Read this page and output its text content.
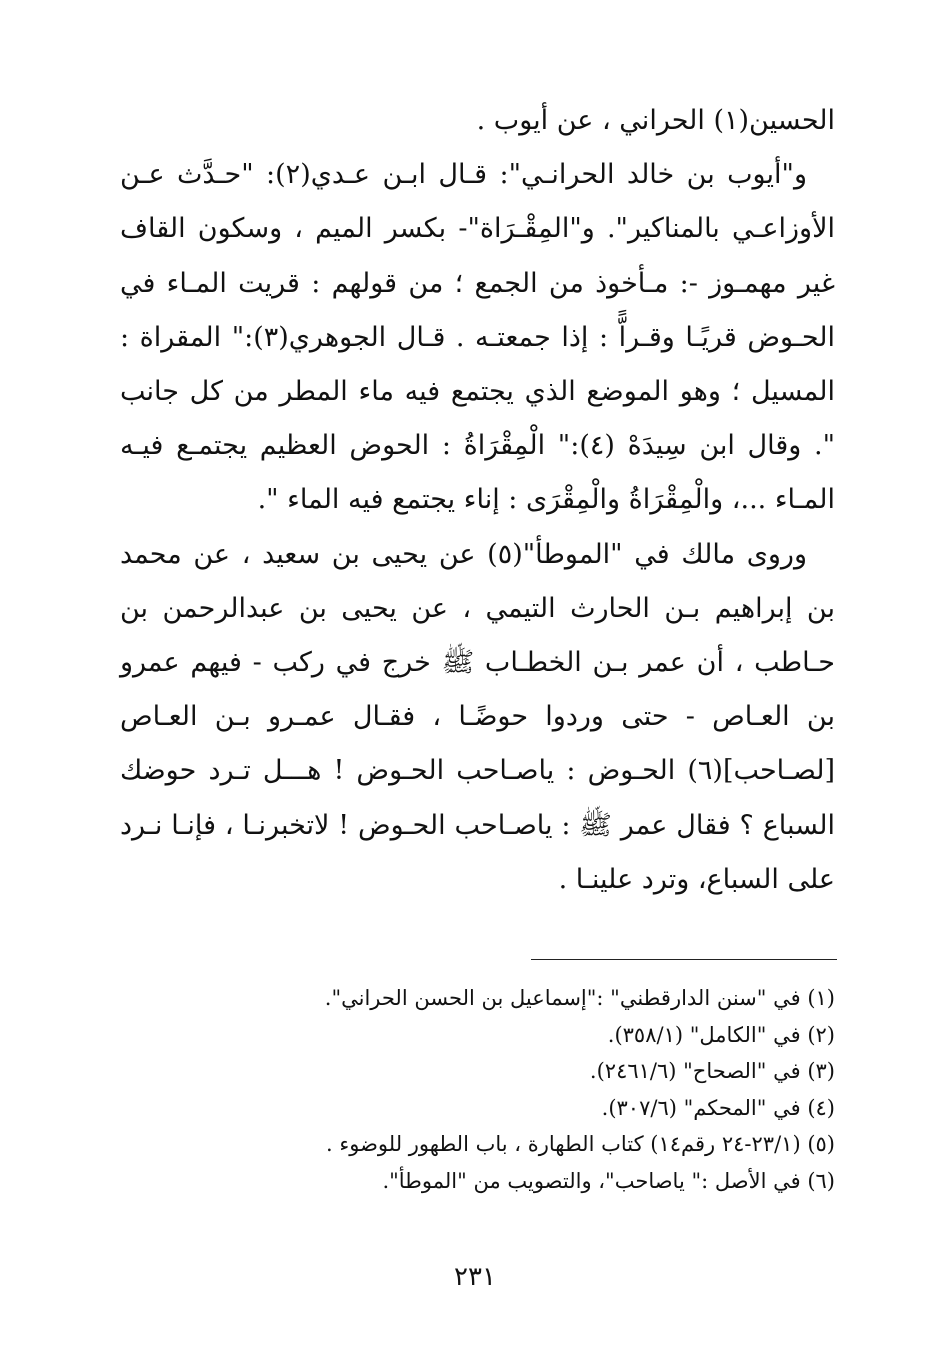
الحسين(١) الحراني ، عن أيوب .

و"أيوب بن خالد الحرانـي": قـال ابـن عـدي(٢): "حـدَّث عـن الأوزاعـي بالمناكير". و"المِقْـرَاة"- بكسر الميم ، وسكون القاف غير مهمـوز -: مـأخوذ من الجمع ؛ من قولهم : قريت المـاء في الحـوض قريًـا وقـراًّ : إذا جمعتـه . قـال الجوهري(٣):" المقراة : المسيل ؛ وهو الموضع الذي يجتمع فيه ماء المطر من كل جانب ". وقال ابن سِيدَهْ (٤):" الْمِقْرَاةُ : الحوض العظيم يجتمـع فيـه المـاء ...، والْمِقْرَاةُ والْمِقْرَى : إناء يجتمع فيه الماء ".

وروى مالك في "الموطأ"(٥) عن يحيى بن سعيد ، عن محمد بن إبراهيم بـن الحارث التيمي ، عن يحيى بن عبدالرحمن بن حـاطب ، أن عمر بـن الخطـاب ﷺ خرج في ركب - فيهم عمرو بن العـاص - حتى وردوا حوضًـا ، فقـال عمـرو بـن العـاص [لصـاحب](٦) الحـوض : ياصـاحب الحـوض ! هـــل تـرد حوضك السباع ؟ فقال عمر ﷺ : ياصـاحب الحـوض ! لاتخبرنـا ، فإنـا نـرد على السباع، وترد علينـا .

(١) في "سنن الدارقطني" :"إسماعيل بن الحسن الحراني".
(٢) في "الكامل" (٣٥٨/١).
(٣) في "الصحاح" (٢٤٦١/٦).
(٤) في "المحكم" (٣٠٧/٦).
(٥) (٢٣/١-٢٤ رقم١٤) كتاب الطهارة ، باب الطهور للوضوء .
(٦) في الأصل :" ياصاحب"، والتصويب من "الموطأ".
٢٣١
